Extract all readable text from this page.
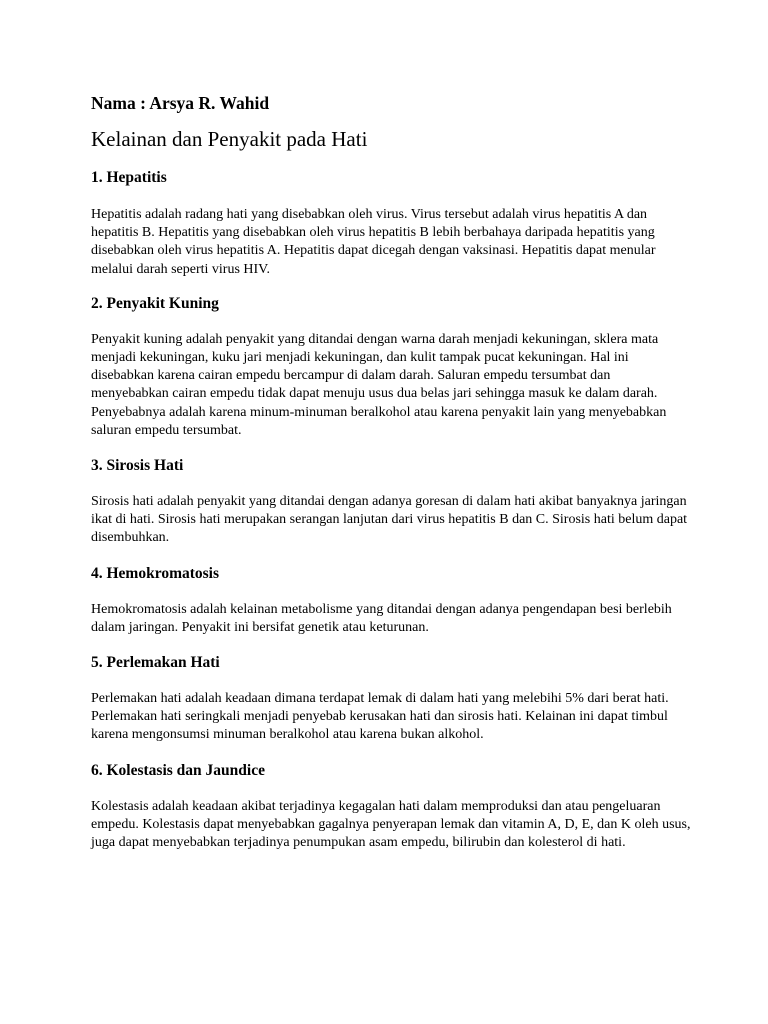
Nama : Arsya R. Wahid

Kelainan dan Penyakit pada Hati
1. Hepatitis

Hepatitis adalah radang hati yang disebabkan oleh virus. Virus tersebut adalah virus hepatitis A dan hepatitis B. Hepatitis yang disebabkan oleh virus hepatitis B lebih berbahaya daripada hepatitis yang disebabkan oleh virus hepatitis A. Hepatitis dapat dicegah dengan vaksinasi. Hepatitis dapat menular melalui darah seperti virus HIV.

2. Penyakit Kuning

Penyakit kuning adalah penyakit yang ditandai dengan warna darah menjadi kekuningan, sklera mata menjadi kekuningan, kuku jari menjadi kekuningan, dan kulit tampak pucat kekuningan. Hal ini disebabkan karena cairan empedu bercampur di dalam darah. Saluran empedu tersumbat dan menyebabkan cairan empedu tidak dapat menuju usus dua belas jari sehingga masuk ke dalam darah. Penyebabnya adalah karena minum-minuman beralkohol atau karena penyakit lain yang menyebabkan saluran empedu tersumbat.

3. Sirosis Hati

Sirosis hati adalah penyakit yang ditandai dengan adanya goresan di dalam hati akibat banyaknya jaringan ikat di hati. Sirosis hati merupakan serangan lanjutan dari virus hepatitis B dan C. Sirosis hati belum dapat disembuhkan.

4. Hemokromatosis

Hemokromatosis adalah kelainan metabolisme yang ditandai dengan adanya pengendapan besi berlebih dalam jaringan. Penyakit ini bersifat genetik atau keturunan.

5. Perlemakan Hati

Perlemakan hati adalah keadaan dimana terdapat lemak di dalam hati yang melebihi 5% dari berat hati. Perlemakan hati seringkali menjadi penyebab kerusakan hati dan sirosis hati. Kelainan ini dapat timbul karena mengonsumsi minuman beralkohol atau karena bukan alkohol.

6. Kolestasis dan Jaundice

Kolestasis adalah keadaan akibat terjadinya kegagalan hati dalam memproduksi dan atau pengeluaran empedu. Kolestasis dapat menyebabkan gagalnya penyerapan lemak dan vitamin A, D, E, dan K oleh usus, juga dapat menyebabkan terjadinya penumpukan asam empedu, bilirubin dan kolesterol di hati.
